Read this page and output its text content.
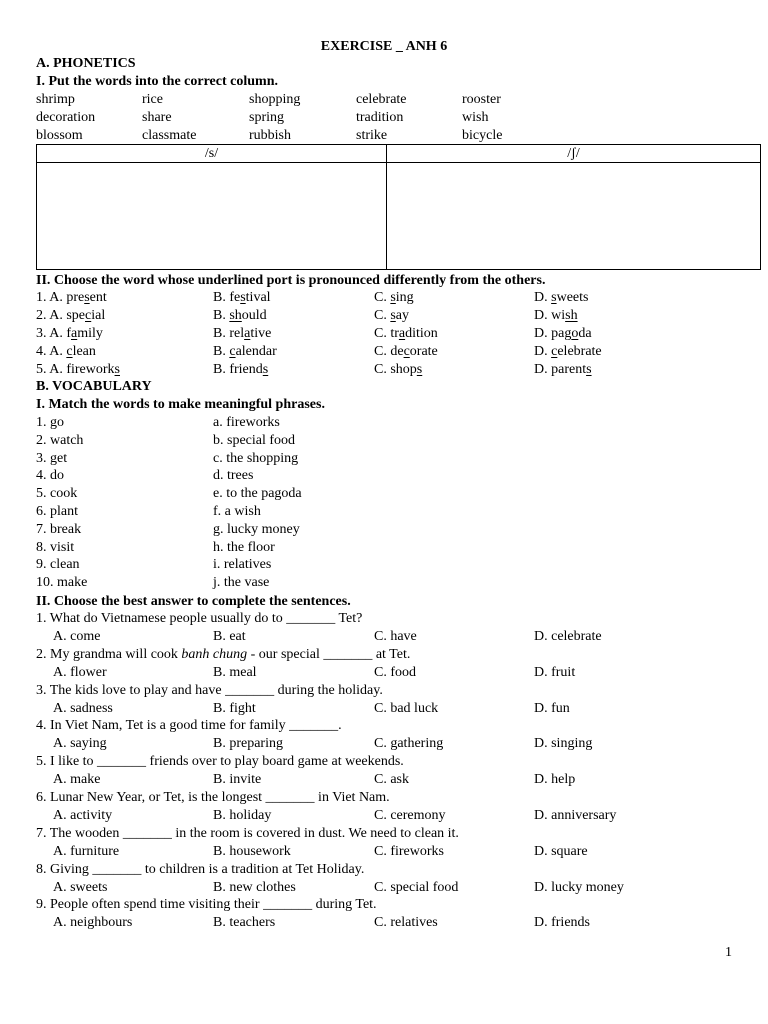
EXERCISE _ ANH 6
A. PHONETICS
I. Put the words into the correct column.
shrimp	rice	shopping	celebrate	rooster
decoration	share	spring	tradition	wish
blossom	classmate	rubbish	strike	bicycle
/s/	/ʃ/
II. Choose the word whose underlined port is pronounced differently from the others.
1. A. present	B. festival	C. sing	D. sweets
2. A. special	B. should	C. say	D. wish
3. A. family	B. relative	C. tradition	D. pagoda
4. A. clean	B. calendar	C. decorate	D. celebrate
5. A. fireworks	B. friends	C. shops	D. parents
B. VOCABULARY
I. Match the words to make meaningful phrases.
1. go	a. fireworks
2. watch	b. special food
3. get	c. the shopping
4. do	d. trees
5. cook	e. to the pagoda
6. plant	f. a wish
7. break	g. lucky money
8. visit	h. the floor
9. clean	i. relatives
10. make	j. the vase
II. Choose the best answer to complete the sentences.
1. What do Vietnamese people usually do to _______ Tet?
A. come	B. eat	C. have	D. celebrate
2. My grandma will cook banh chung - our special _______ at Tet.
A. flower	B. meal	C. food	D. fruit
3. The kids love to play and have _______ during the holiday.
A. sadness	B. fight	C. bad luck	D. fun
4. In Viet Nam, Tet is a good time for family _______.
A. saying	B. preparing	C. gathering	D. singing
5. I like to _______ friends over to play board game at weekends.
A. make	B. invite	C. ask	D. help
6. Lunar New Year, or Tet, is the longest _______ in Viet Nam.
A. activity	B. holiday	C. ceremony	D. anniversary
7. The wooden _______ in the room is covered in dust. We need to clean it.
A. furniture	B. housework	C. fireworks	D. square
8. Giving _______ to children is a tradition at Tet Holiday.
A. sweets	B. new clothes	C. special food	D. lucky money
9. People often spend time visiting their _______ during Tet.
A. neighbours	B. teachers	C. relatives	D. friends
1
